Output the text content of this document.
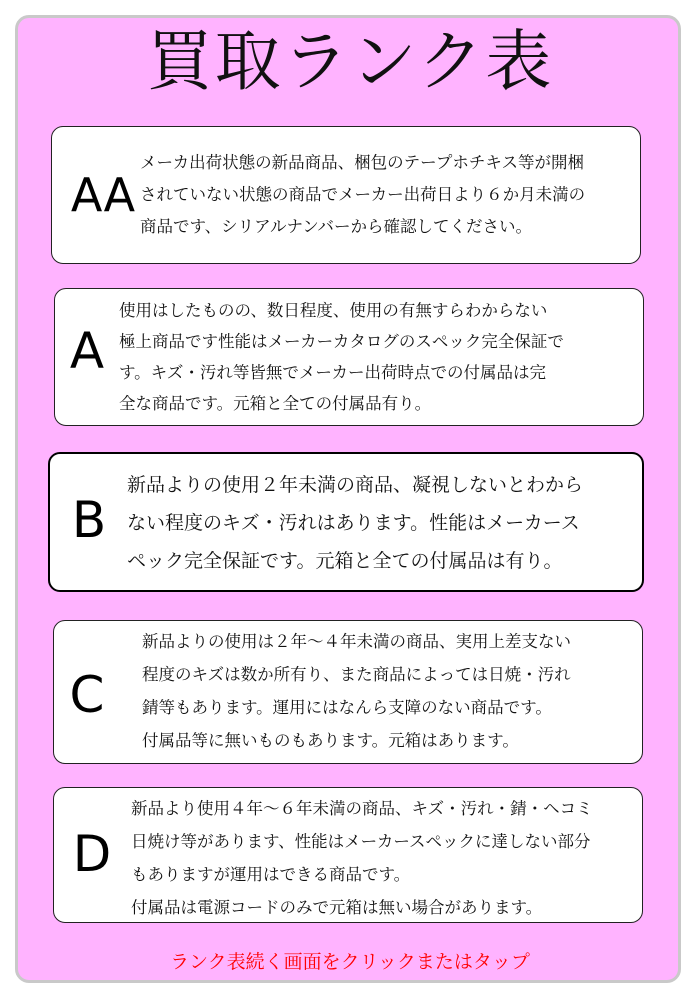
買取ランク表
AA

メーカ出荷状態の新品商品、梱包のテープホチキス等が開梱
されていない状態の商品でメーカー出荷日より６か月未満の
商品です、シリアルナンバーから確認してください。

A

使用はしたものの、数日程度、使用の有無すらわからない
極上商品です性能はメーカーカタログのスペック完全保証で
す。キズ・汚れ等皆無でメーカー出荷時点での付属品は完
全な商品です。元箱と全ての付属品有り。

B

新品よりの使用２年未満の商品、凝視しないとわから
ない程度のキズ・汚れはあります。性能はメーカース
ペック完全保証です。元箱と全ての付属品は有り。

C

新品よりの使用は２年〜４年未満の商品、実用上差支ない
程度のキズは数か所有り、また商品によっては日焼・汚れ
錆等もあります。運用にはなんら支障のない商品です。
付属品等に無いものもあります。元箱はあります。

D

新品より使用４年〜６年未満の商品、キズ・汚れ・錆・ヘコミ
日焼け等があります、性能はメーカースペックに達しない部分
もありますが運用はできる商品です。
付属品は電源コードのみで元箱は無い場合があります。

ランク表続く画面をクリックまたはタップ
